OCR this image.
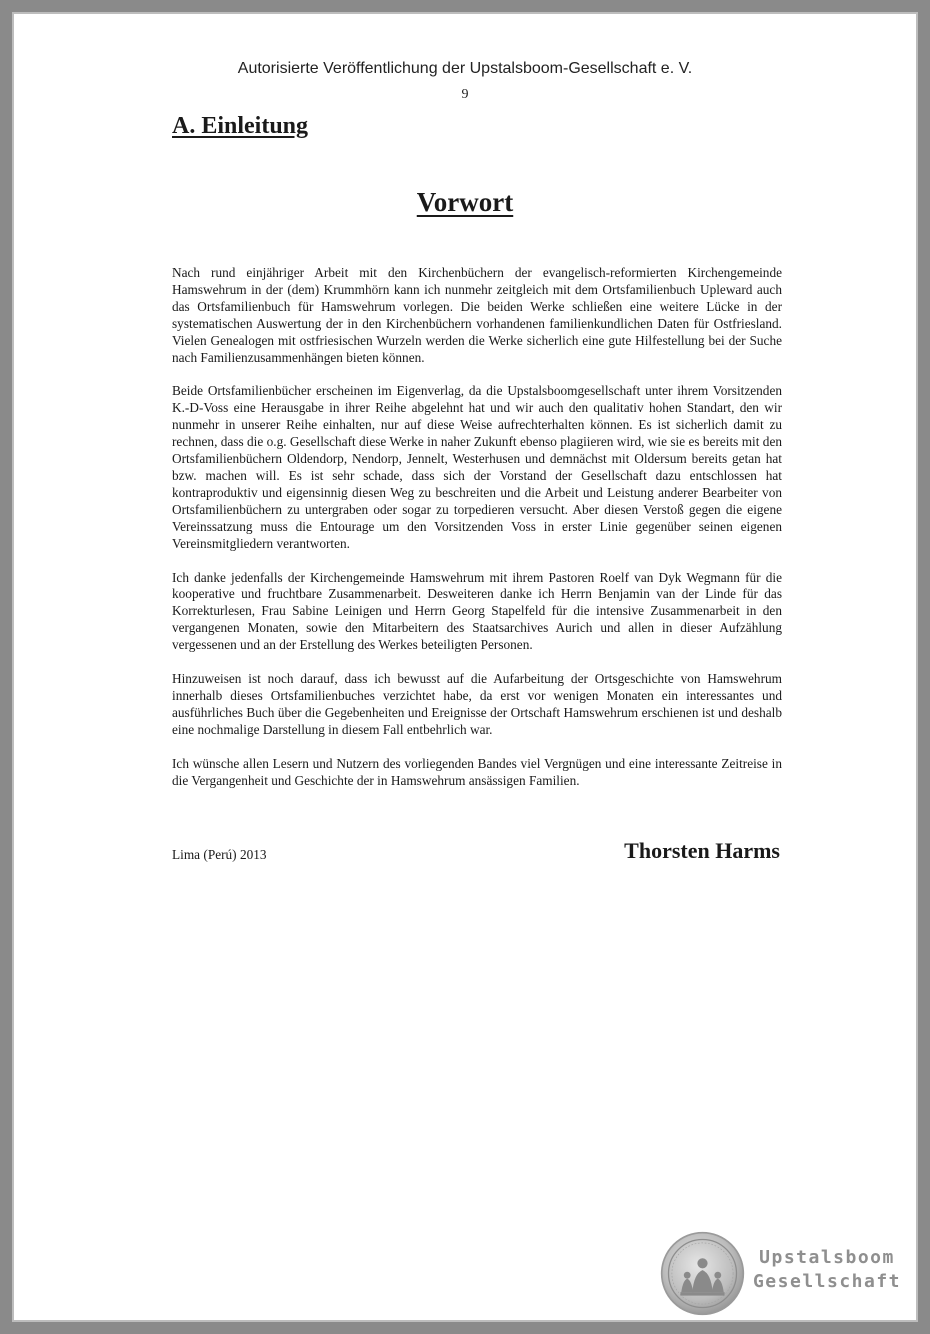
Autorisierte Veröffentlichung der Upstalsboom-Gesellschaft e. V.
9
A. Einleitung
Vorwort

Nach rund einjähriger Arbeit mit den Kirchenbüchern der evangelisch-reformierten Kirchengemeinde Hamswehrum in der (dem) Krummhörn kann ich nunmehr zeitgleich mit dem Ortsfamilienbuch Upleward auch das Ortsfamilienbuch für Hamswehrum vorlegen. Die beiden Werke schließen eine weitere Lücke in der systematischen Auswertung der in den Kirchenbüchern vorhandenen familienkundlichen Daten für Ostfriesland. Vielen Genealogen mit ostfriesischen Wurzeln werden die Werke sicherlich eine gute Hilfestellung bei der Suche nach Familienzusammenhängen bieten können.

Beide Ortsfamilienbücher erscheinen im Eigenverlag, da die Upstalsboomgesellschaft unter ihrem Vorsitzenden K.-D-Voss eine Herausgabe in ihrer Reihe abgelehnt hat und wir auch den qualitativ hohen Standart, den wir nunmehr in unserer Reihe einhalten, nur auf diese Weise aufrechterhalten können. Es ist sicherlich damit zu rechnen, dass die o.g. Gesellschaft diese Werke in naher Zukunft ebenso plagiieren wird, wie sie es bereits mit den Ortsfamilienbüchern Oldendorp, Nendorp, Jennelt, Westerhusen und demnächst mit Oldersum bereits getan hat bzw. machen will. Es ist sehr schade, dass sich der Vorstand der Gesellschaft dazu entschlossen hat kontraproduktiv und eigensinnig diesen Weg zu beschreiten und die Arbeit und Leistung anderer Bearbeiter von Ortsfamilienbüchern zu untergraben oder sogar zu torpedieren versucht. Aber diesen Verstoß gegen die eigene Vereinssatzung muss die Entourage um den Vorsitzenden Voss in erster Linie gegenüber seinen eigenen Vereinsmitgliedern verantworten.

Ich danke jedenfalls der Kirchengemeinde Hamswehrum mit ihrem Pastoren Roelf van Dyk Wegmann für die kooperative und fruchtbare Zusammenarbeit. Desweiteren danke ich Herrn Benjamin van der Linde für das Korrekturlesen, Frau Sabine Leinigen und Herrn Georg Stapelfeld für die intensive Zusammenarbeit in den vergangenen Monaten, sowie den Mitarbeitern des Staatsarchives Aurich und allen in dieser Aufzählung vergessenen und an der Erstellung des Werkes beteiligten Personen.

Hinzuweisen ist noch darauf, dass ich bewusst auf die Aufarbeitung der Ortsgeschichte von Hamswehrum innerhalb dieses Ortsfamilienbuches verzichtet habe, da erst vor wenigen Monaten ein interessantes und ausführliches Buch über die Gegebenheiten und Ereignisse der Ortschaft Hamswehrum erschienen ist und deshalb eine nochmalige Darstellung in diesem Fall entbehrlich war.

Ich wünsche allen Lesern und Nutzern des vorliegenden Bandes viel Vergnügen und eine interessante Zeitreise in die Vergangenheit und Geschichte der in Hamswehrum ansässigen Familien.

Lima (Perú) 2013	Thorsten Harms
Upstalsboom
Gesellschaft
